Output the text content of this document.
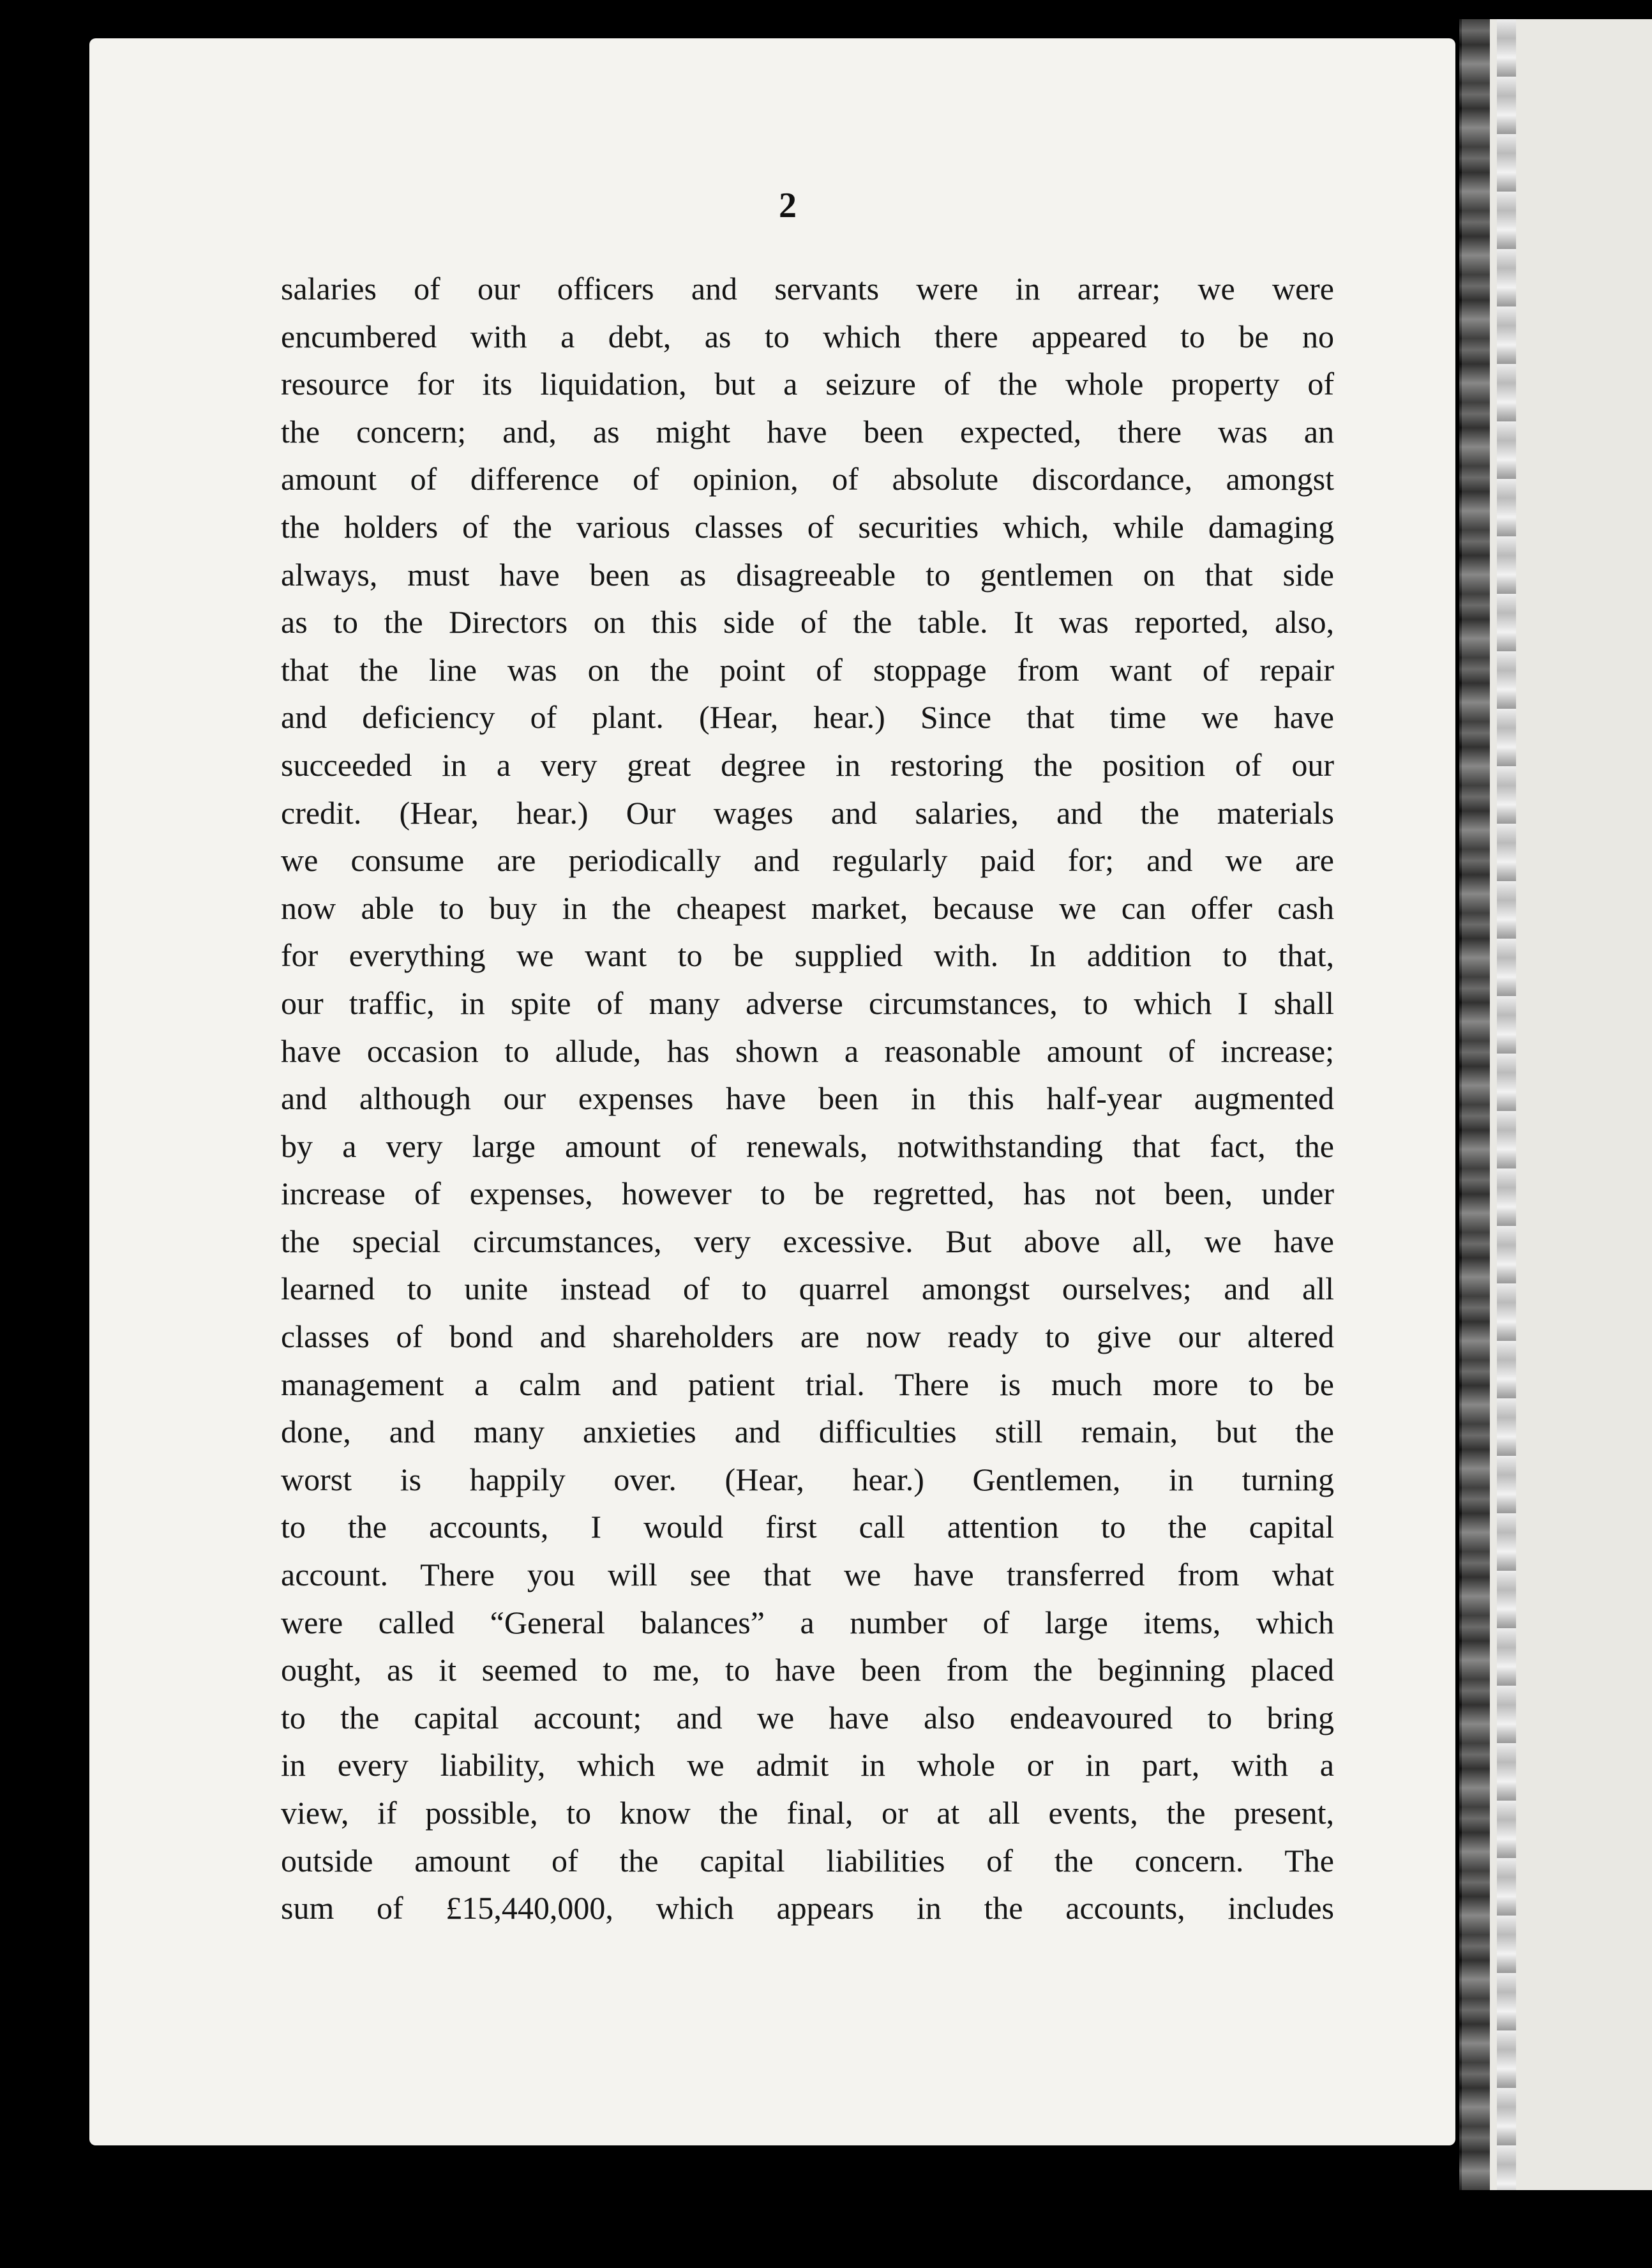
2
salaries of our officers and servants were in arrear; we were
encumbered with a debt, as to which there appeared to be no
resource for its liquidation, but a seizure of the whole property of
the concern; and, as might have been expected, there was an
amount of difference of opinion, of absolute discordance, amongst
the holders of the various classes of securities which, while damaging
always, must have been as disagreeable to gentlemen on that side
as to the Directors on this side of the table. It was reported, also,
that the line was on the point of stoppage from want of repair
and deficiency of plant. (Hear, hear.) Since that time we have
succeeded in a very great degree in restoring the position of our
credit. (Hear, hear.) Our wages and salaries, and the materials
we consume are periodically and regularly paid for; and we are
now able to buy in the cheapest market, because we can offer cash
for everything we want to be supplied with. In addition to that,
our traffic, in spite of many adverse circumstances, to which I shall
have occasion to allude, has shown a reasonable amount of increase;
and although our expenses have been in this half-year augmented
by a very large amount of renewals, notwithstanding that fact, the
increase of expenses, however to be regretted, has not been, under
the special circumstances, very excessive. But above all, we have
learned to unite instead of to quarrel amongst ourselves; and all
classes of bond and shareholders are now ready to give our altered
management a calm and patient trial. There is much more to be
done, and many anxieties and difficulties still remain, but the
worst is happily over. (Hear, hear.) Gentlemen, in turning
to the accounts, I would first call attention to the capital
account. There you will see that we have transferred from what
were called “General balances” a number of large items, which
ought, as it seemed to me, to have been from the beginning placed
to the capital account; and we have also endeavoured to bring
in every liability, which we admit in whole or in part, with a
view, if possible, to know the final, or at all events, the present,
outside amount of the capital liabilities of the concern. The
sum of £15,440,000, which appears in the accounts, includes
